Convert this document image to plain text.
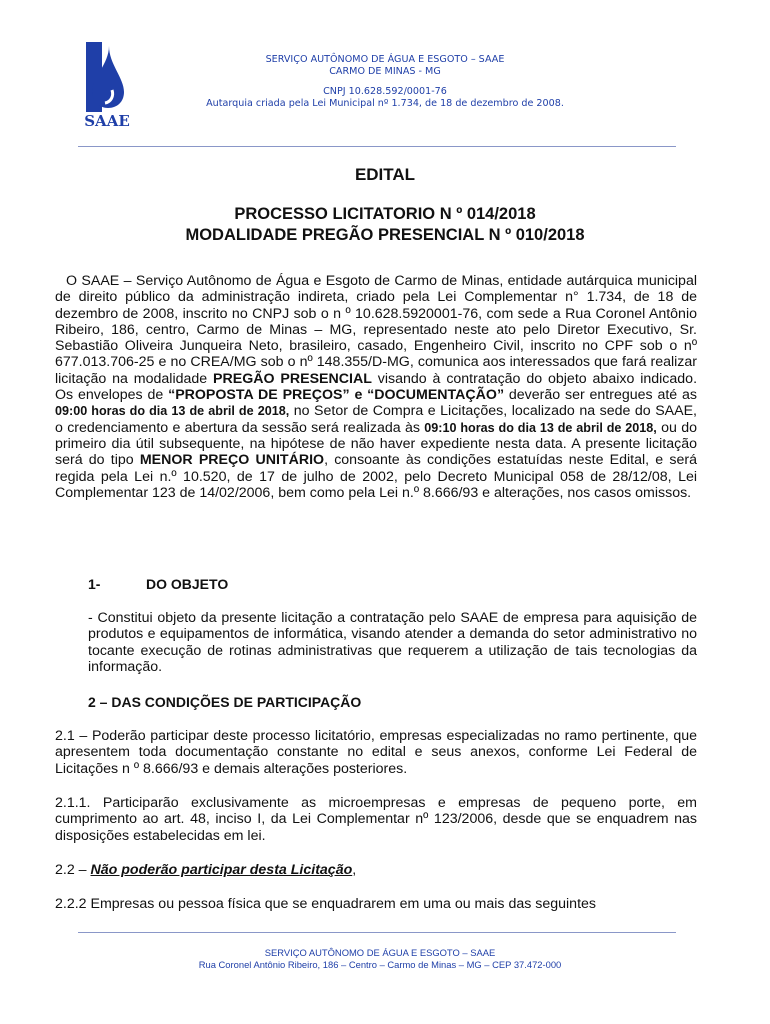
SAAE
SERVIÇO AUTÔNOMO DE ÁGUA E ESGOTO – SAAE
CARMO DE MINAS - MG
CNPJ 10.628.592/0001-76
Autarquia criada pela Lei Municipal nº 1.734, de 18 de dezembro de 2008.
EDITAL
PROCESSO LICITATORIO N º 014/2018
MODALIDADE PREGÃO PRESENCIAL N º 010/2018
O SAAE – Serviço Autônomo de Água e Esgoto de Carmo de Minas, entidade autárquica municipal de direito público da administração indireta, criado pela Lei Complementar n° 1.734, de 18 de dezembro de 2008, inscrito no CNPJ sob o n º 10.628.5920001-76, com sede a Rua Coronel Antônio Ribeiro, 186, centro, Carmo de Minas – MG, representado neste ato pelo Diretor Executivo, Sr. Sebastião Oliveira Junqueira Neto, brasileiro, casado, Engenheiro Civil, inscrito no CPF sob o nº 677.013.706-25 e no CREA/MG sob o nº 148.355/D-MG, comunica aos interessados que fará realizar licitação na modalidade PREGÃO PRESENCIAL visando à contratação do objeto abaixo indicado. Os envelopes de “PROPOSTA DE PREÇOS” e “DOCUMENTAÇÃO” deverão ser entregues até as 09:00 horas do dia 13 de abril de 2018, no Setor de Compra e Licitações, localizado na sede do SAAE, o credenciamento e abertura da sessão será realizada às 09:10 horas do dia 13 de abril de 2018, ou do primeiro dia útil subsequente, na hipótese de não haver expediente nesta data. A presente licitação será do tipo MENOR PREÇO UNITÁRIO, consoante às condições estatuídas neste Edital, e será regida pela Lei n.º 10.520, de 17 de julho de 2002, pelo Decreto Municipal 058 de 28/12/08, Lei Complementar 123 de 14/02/2006, bem como pela Lei n.º 8.666/93 e alterações, nos casos omissos.
1-	DO OBJETO
- Constitui objeto da presente licitação a contratação pelo SAAE de empresa para aquisição de produtos e equipamentos de informática, visando atender a demanda do setor administrativo no tocante execução de rotinas administrativas que requerem a utilização de tais tecnologias da informação.
2 – DAS CONDIÇÕES DE PARTICIPAÇÃO
2.1 – Poderão participar deste processo licitatório, empresas especializadas no ramo pertinente, que apresentem toda documentação constante no edital e seus anexos, conforme Lei Federal de Licitações n º 8.666/93 e demais alterações posteriores.
2.1.1. Participarão exclusivamente as microempresas e empresas de pequeno porte, em cumprimento ao art. 48, inciso I, da Lei Complementar nº 123/2006, desde que se enquadrem nas disposições estabelecidas em lei.
2.2 – Não poderão participar desta Licitação,
2.2.2 Empresas ou pessoa física que se enquadrarem em uma ou mais das seguintes
SERVIÇO AUTÔNOMO DE ÁGUA E ESGOTO – SAAE
Rua Coronel Antônio Ribeiro, 186 – Centro – Carmo de Minas – MG – CEP 37.472-000
